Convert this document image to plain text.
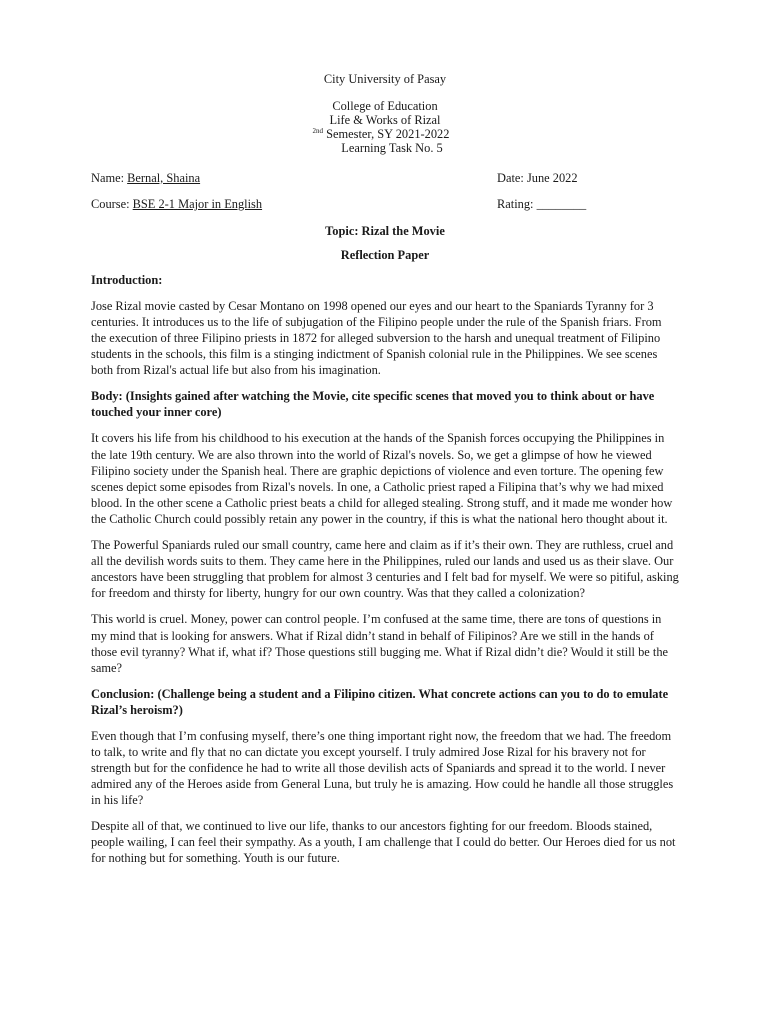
City University of Pasay
College of Education
Life & Works of Rizal
$^{2nd}$ Semester, SY 2021-2022
Learning Task No. 5
Name: Bernal, Shaina	Date: June 2022
Course: BSE 2-1 Major in English	Rating: ________
Topic: Rizal the Movie
Reflection Paper
Introduction:

Jose Rizal movie casted by Cesar Montano on 1998 opened our eyes and our heart to the Spaniards Tyranny for 3 centuries. It introduces us to the life of subjugation of the Filipino people under the rule of the Spanish friars. From the execution of three Filipino priests in 1872 for alleged subversion to the harsh and unequal treatment of Filipino students in the schools, this film is a stinging indictment of Spanish colonial rule in the Philippines. We see scenes both from Rizal's actual life but also from his imagination.

Body: (Insights gained after watching the Movie, cite specific scenes that moved you to think about or have touched your inner core)

It covers his life from his childhood to his execution at the hands of the Spanish forces occupying the Philippines in the late 19th century. We are also thrown into the world of Rizal's novels. So, we get a glimpse of how he viewed Filipino society under the Spanish heal. There are graphic depictions of violence and even torture. The opening few scenes depict some episodes from Rizal's novels. In one, a Catholic priest raped a Filipina that’s why we had mixed blood. In the other scene a Catholic priest beats a child for alleged stealing. Strong stuff, and it made me wonder how the Catholic Church could possibly retain any power in the country, if this is what the national hero thought about it.

The Powerful Spaniards ruled our small country, came here and claim as if it’s their own. They are ruthless, cruel and all the devilish words suits to them. They came here in the Philippines, ruled our lands and used us as their slave. Our ancestors have been struggling that problem for almost 3 centuries and I felt bad for myself. We were so pitiful, asking for freedom and thirsty for liberty, hungry for our own country. Was that they called a colonization?

This world is cruel. Money, power can control people. I’m confused at the same time, there are tons of questions in my mind that is looking for answers. What if Rizal didn’t stand in behalf of Filipinos? Are we still in the hands of those evil tyranny? What if, what if? Those questions still bugging me. What if Rizal didn’t die? Would it still be the same?

Conclusion: (Challenge being a student and a Filipino citizen. What concrete actions can you to do to emulate Rizal’s heroism?)

Even though that I’m confusing myself, there’s one thing important right now, the freedom that we had. The freedom to talk, to write and fly that no can dictate you except yourself. I truly admired Jose Rizal for his bravery not for strength but for the confidence he had to write all those devilish acts of Spaniards and spread it to the world. I never admired any of the Heroes aside from General Luna, but truly he is amazing. How could he handle all those struggles in his life?

Despite all of that, we continued to live our life, thanks to our ancestors fighting for our freedom. Bloods stained, people wailing, I can feel their sympathy. As a youth, I am challenge that I could do better. Our Heroes died for us not for nothing but for something. Youth is our future.
